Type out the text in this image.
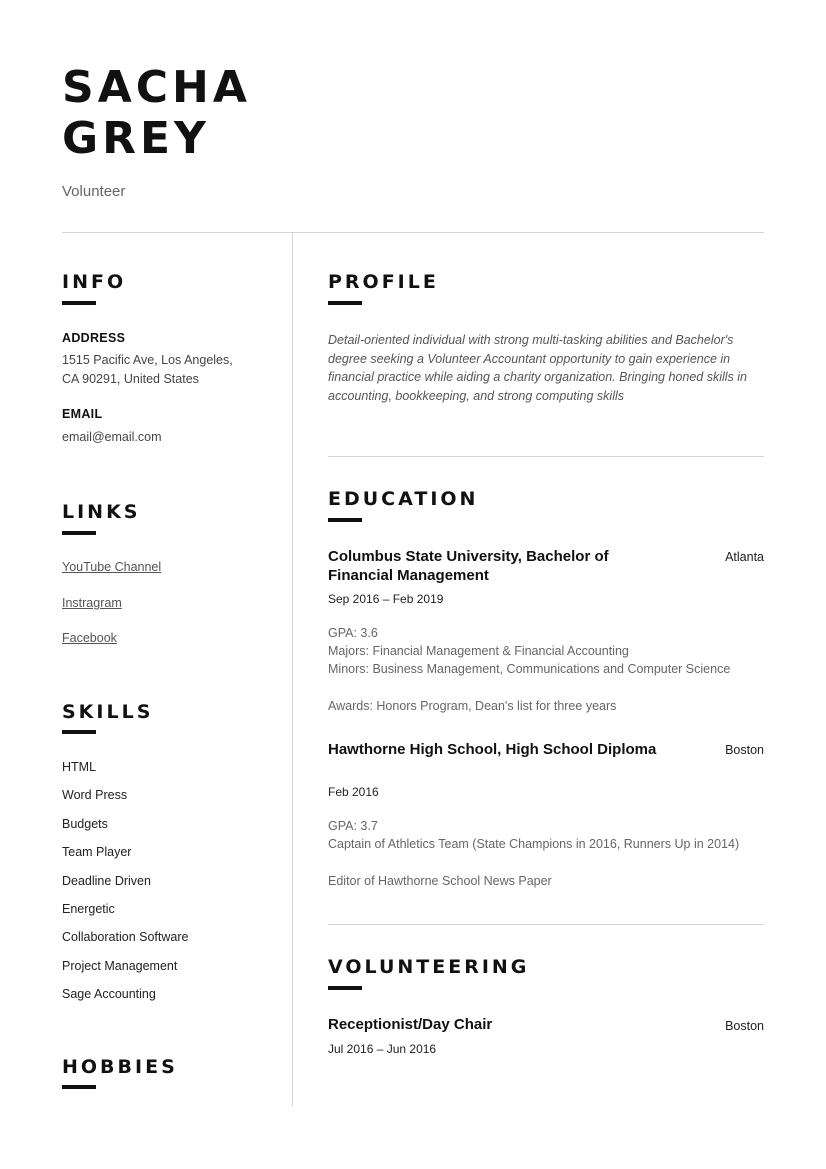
SACHA
GREY
Volunteer
INFO
ADDRESS
1515 Pacific Ave, Los Angeles,
CA 90291, United States
EMAIL
email@email.com
LINKS
YouTube Channel
Instragram
Facebook
SKILLS
HTML
Word Press
Budgets
Team Player
Deadline Driven
Energetic
Collaboration Software
Project Management
Sage Accounting
HOBBIES
PROFILE

Detail-oriented individual with strong multi-tasking abilities and Bachelor's degree seeking a Volunteer Accountant opportunity to gain experience in financial practice while aiding a charity organization. Bringing honed skills in accounting, bookkeeping, and strong computing skills

EDUCATION
Columbus State University, Bachelor of Financial Management
Atlanta
Sep 2016 – Feb 2019
GPA: 3.6
Majors: Financial Management & Financial Accounting
Minors: Business Management, Communications and Computer Science
Awards: Honors Program, Dean's list for three years
Hawthorne High School, High School Diploma	Boston
Feb 2016
GPA: 3.7
Captain of Athletics Team (State Champions in 2016, Runners Up in 2014)
Editor of Hawthorne School News Paper
VOLUNTEERING
Receptionist/Day Chair	Boston
Jul 2016 – Jun 2016
